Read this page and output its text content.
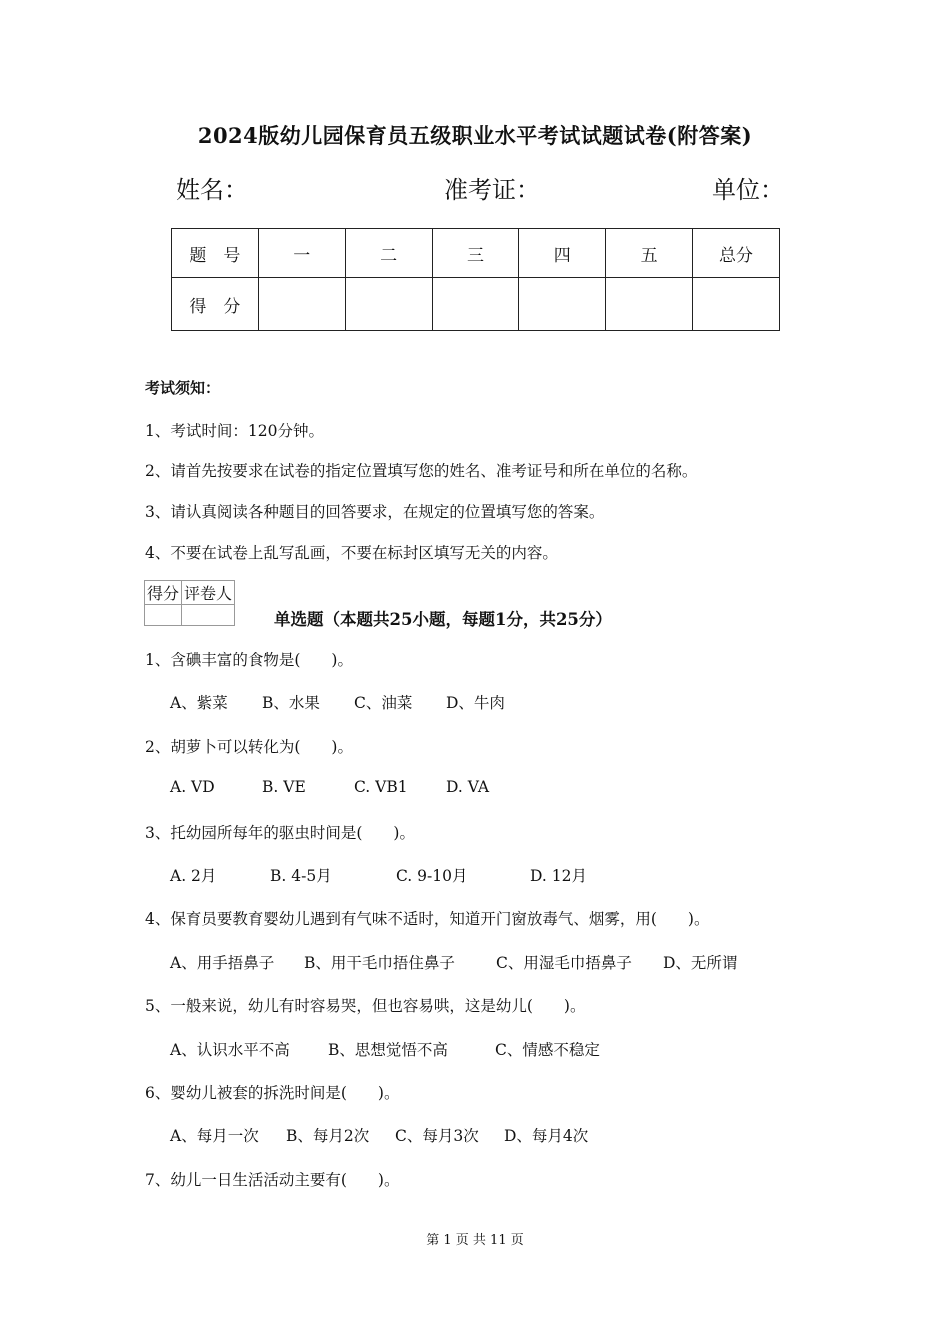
2024版幼儿园保育员五级职业水平考试试题试卷(附答案)
姓名：	准考证：	单位：
题　号	一	二	三	四	五	总分
得　分						
考试须知：
1、考试时间：120分钟。
2、请首先按要求在试卷的指定位置填写您的姓名、准考证号和所在单位的名称。
3、请认真阅读各种题目的回答要求，在规定的位置填写您的答案。
4、不要在试卷上乱写乱画，不要在标封区填写无关的内容。
得分	评卷人

单选题（本题共25小题，每题1分，共25分）
1、含碘丰富的食物是(　　)。
A、紫菜 B、水果 C、油菜 D、牛肉
2、胡萝卜可以转化为(　　)。
A. VD	B. VE	C. VB1 D. VA
3、托幼园所每年的驱虫时间是(　　)。
A. 2月	B. 4-5月	C. 9-10月	D. 12月
4、保育员要教育婴幼儿遇到有气味不适时，知道开门窗放毒气、烟雾，用(　　)。
A、用手捂鼻子 B、用干毛巾捂住鼻子	C、用湿毛巾捂鼻子 D、无所谓
5、一般来说，幼儿有时容易哭，但也容易哄，这是幼儿(　　)。
A、认识水平不高 B、思想觉悟不高	C、情感不稳定
6、婴幼儿被套的拆洗时间是(　　)。
A、每月一次 B、每月2次 C、每月3次 D、每月4次
7、幼儿一日生活活动主要有(　　)。
第 1 页 共 11 页
